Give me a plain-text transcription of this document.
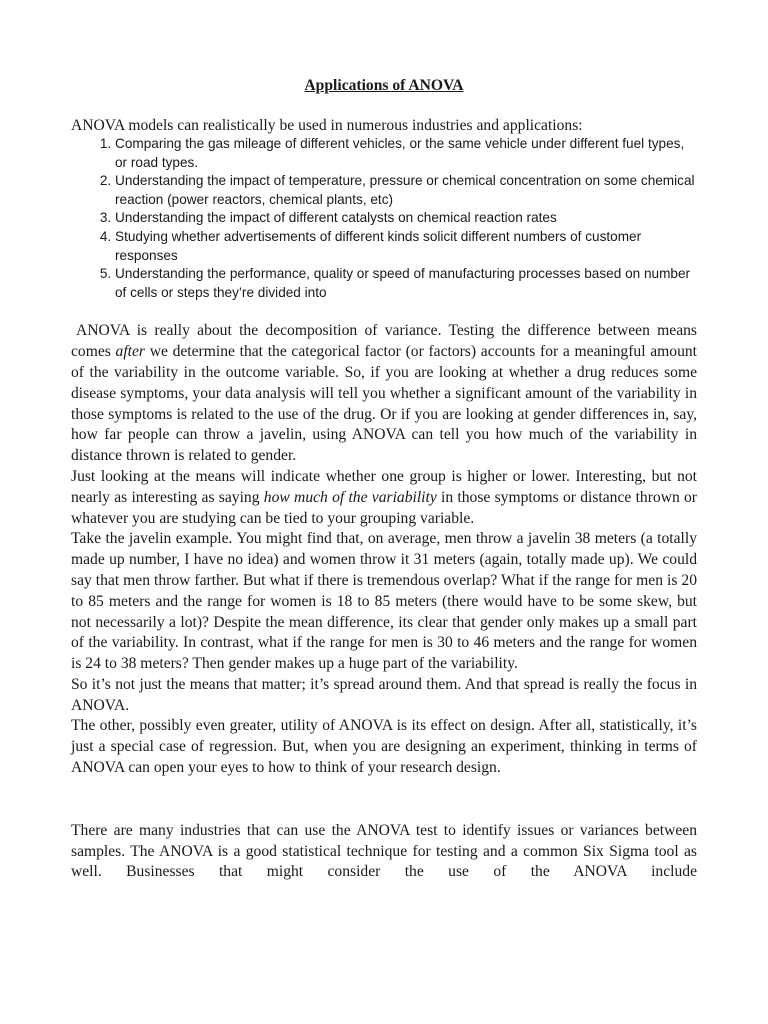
Applications of ANOVA

ANOVA models can realistically be used in numerous industries and applications:

1. Comparing the gas mileage of different vehicles, or the same vehicle under different fuel types, or road types.
2. Understanding the impact of temperature, pressure or chemical concentration on some chemical reaction (power reactors, chemical plants, etc)
3. Understanding the impact of different catalysts on chemical reaction rates
4. Studying whether advertisements of different kinds solicit different numbers of customer responses
5. Understanding the performance, quality or speed of manufacturing processes based on number of cells or steps they’re divided into

ANOVA is really about the decomposition of variance. Testing the difference between means comes after we determine that the categorical factor (or factors) accounts for a meaningful amount of the variability in the outcome variable. So, if you are looking at whether a drug reduces some disease symptoms, your data analysis will tell you whether a significant amount of the variability in those symptoms is related to the use of the drug. Or if you are looking at gender differences in, say, how far people can throw a javelin, using ANOVA can tell you how much of the variability in distance thrown is related to gender.

Just looking at the means will indicate whether one group is higher or lower. Interesting, but not nearly as interesting as saying how much of the variability in those symptoms or distance thrown or whatever you are studying can be tied to your grouping variable.

Take the javelin example. You might find that, on average, men throw a javelin 38 meters (a totally made up number, I have no idea) and women throw it 31 meters (again, totally made up). We could say that men throw farther. But what if there is tremendous overlap? What if the range for men is 20 to 85 meters and the range for women is 18 to 85 meters (there would have to be some skew, but not necessarily a lot)? Despite the mean difference, its clear that gender only makes up a small part of the variability. In contrast, what if the range for men is 30 to 46 meters and the range for women is 24 to 38 meters? Then gender makes up a huge part of the variability.

So it’s not just the means that matter; it’s spread around them. And that spread is really the focus in ANOVA.

The other, possibly even greater, utility of ANOVA is its effect on design. After all, statistically, it’s just a special case of regression. But, when you are designing an experiment, thinking in terms of ANOVA can open your eyes to how to think of your research design.

There are many industries that can use the ANOVA test to identify issues or variances between samples. The ANOVA is a good statistical technique for testing and a common Six Sigma tool as well. Businesses that might consider the use of the ANOVA include
